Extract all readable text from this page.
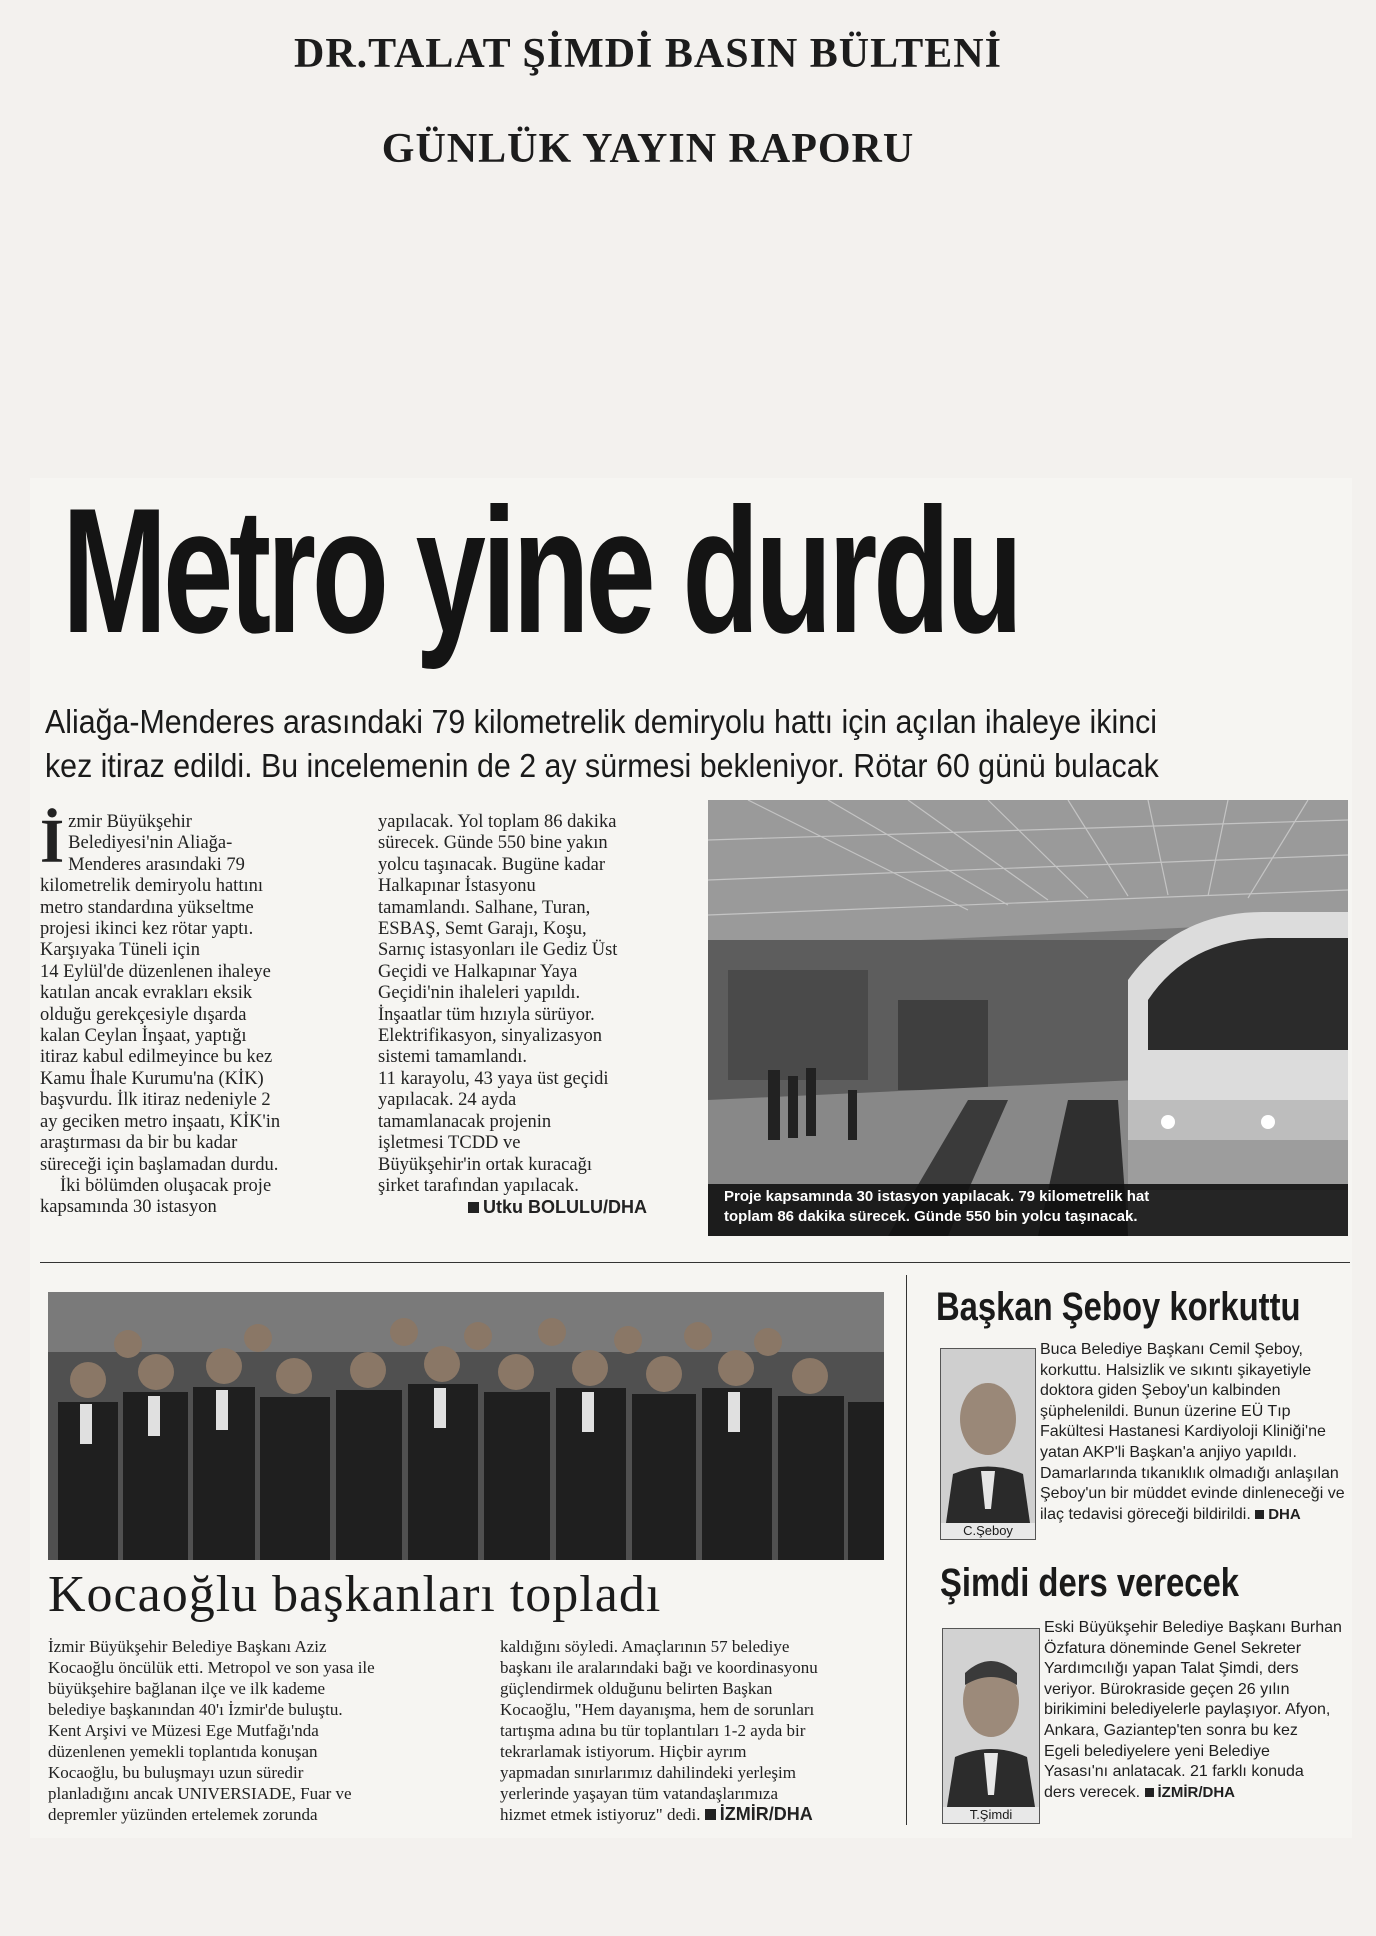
DR.TALAT ŞİMDİ BASIN BÜLTENİ
GÜNLÜK YAYIN RAPORU
Metro yine durdu
Aliağa-Menderes arasındaki 79 kilometrelik demiryolu hattı için açılan ihaleye ikinci
kez itiraz edildi. Bu incelemenin de 2 ay sürmesi bekleniyor. Rötar 60 günü bulacak
İ zmir Büyükşehir

Belediyesi'nin Aliağa-

Menderes arasındaki 79

kilometrelik demiryolu hattını

metro standardına yükseltme

projesi ikinci kez rötar yaptı.

Karşıyaka Tüneli için

14 Eylül'de düzenlenen ihaleye

katılan ancak evrakları eksik

olduğu gerekçesiyle dışarda

kalan Ceylan İnşaat, yaptığı

itiraz kabul edilmeyince bu kez

Kamu İhale Kurumu'na (KİK)

başvurdu. İlk itiraz nedeniyle 2

ay geciken metro inşaatı, KİK'in

araştırması da bir bu kadar

süreceği için başlamadan durdu.

İki bölümden oluşacak proje

kapsamında 30 istasyon

yapılacak. Yol toplam 86 dakika

sürecek. Günde 550 bine yakın

yolcu taşınacak. Bugüne kadar

Halkapınar İstasyonu

tamamlandı. Salhane, Turan,

ESBAŞ, Semt Garajı, Koşu,

Sarnıç istasyonları ile Gediz Üst

Geçidi ve Halkapınar Yaya

Geçidi'nin ihaleleri yapıldı.

İnşaatlar tüm hızıyla sürüyor.

Elektrifikasyon, sinyalizasyon

sistemi tamamlandı.

11 karayolu, 43 yaya üst geçidi

yapılacak. 24 ayda

tamamlanacak projenin

işletmesi TCDD ve

Büyükşehir'in ortak kuracağı

şirket tarafından yapılacak.

Utku BOLULU/DHA

Proje kapsamında 30 istasyon yapılacak. 79 kilometrelik hat
toplam 86 dakika sürecek. Günde 550 bin yolcu taşınacak.
Kocaoğlu başkanları topladı

İzmir Büyükşehir Belediye Başkanı Aziz

Kocaoğlu öncülük etti. Metropol ve son yasa ile

büyükşehire bağlanan ilçe ve ilk kademe

belediye başkanından 40'ı İzmir'de buluştu.

Kent Arşivi ve Müzesi Ege Mutfağı'nda

düzenlenen yemekli toplantıda konuşan

Kocaoğlu, bu buluşmayı uzun süredir

planladığını ancak UNIVERSIADE, Fuar ve

depremler yüzünden ertelemek zorunda

kaldığını söyledi. Amaçlarının 57 belediye

başkanı ile aralarındaki bağı ve koordinasyonu

güçlendirmek olduğunu belirten Başkan

Kocaoğlu, "Hem dayanışma, hem de sorunları

tartışma adına bu tür toplantıları 1-2 ayda bir

tekrarlamak istiyorum. Hiçbir ayrım

yapmadan sınırlarımız dahilindeki yerleşim

yerlerinde yaşayan tüm vatandaşlarımıza

hizmet etmek istiyoruz" dedi. İZMİR/DHA

Başkan Şeboy korkuttu
C.Şeboy

Buca Belediye Başkanı Cemil Şeboy,

korkuttu. Halsizlik ve sıkıntı şikayetiyle

doktora giden Şeboy'un kalbinden

şüphelenildi. Bunun üzerine EÜ Tıp

Fakültesi Hastanesi Kardiyoloji Kliniği'ne

yatan AKP'li Başkan'a anjiyo yapıldı.

Damarlarında tıkanıklık olmadığı anlaşılan

Şeboy'un bir müddet evinde dinleneceği ve

ilaç tedavisi göreceği bildirildi. DHA

Şimdi ders verecek
T.Şimdi

Eski Büyükşehir Belediye Başkanı Burhan

Özfatura döneminde Genel Sekreter

Yardımcılığı yapan Talat Şimdi, ders

veriyor. Bürokraside geçen 26 yılın

birikimini belediyelerle paylaşıyor. Afyon,

Ankara, Gaziantep'ten sonra bu kez

Egeli belediyelere yeni Belediye

Yasası'nı anlatacak. 21 farklı konuda

ders verecek. İZMİR/DHA
